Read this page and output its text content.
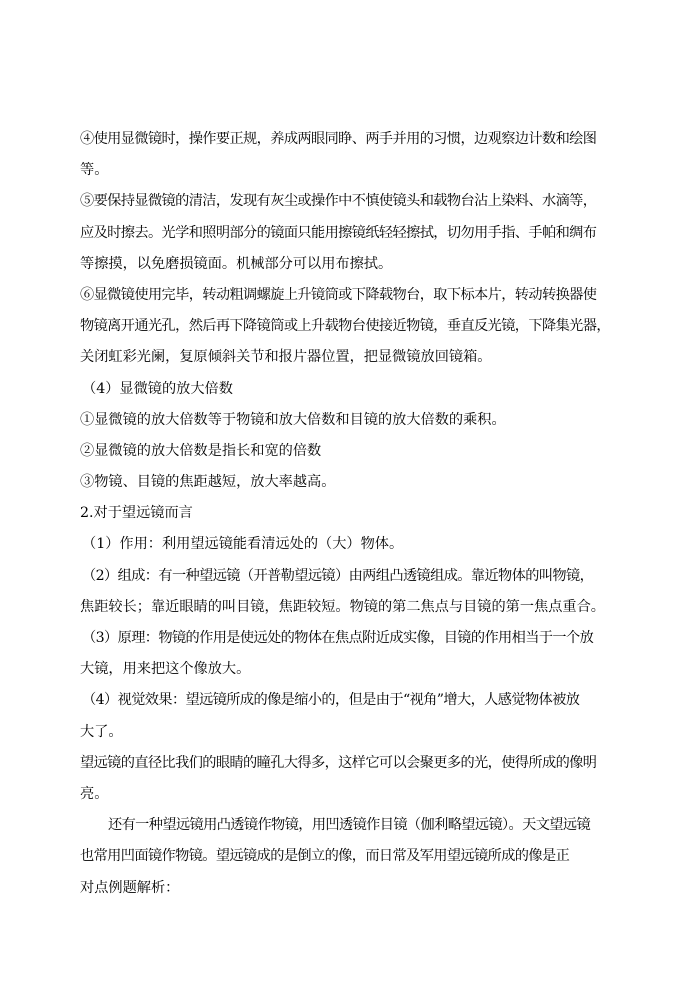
④使用显微镜时，操作要正规，养成两眼同睁、两手并用的习惯，边观察边计数和绘图
等。
⑤要保持显微镜的清洁，发现有灰尘或操作中不慎使镜头和载物台沾上染料、水滴等，
应及时擦去。光学和照明部分的镜面只能用擦镜纸轻轻擦拭，切勿用手指、手帕和绸布
等擦摸，以免磨损镜面。机械部分可以用布擦拭。
⑥显微镜使用完毕，转动粗调螺旋上升镜筒或下降载物台，取下标本片，转动转换器使
物镜离开通光孔，然后再下降镜筒或上升载物台使接近物镜，垂直反光镜，下降集光器，
关闭虹彩光阑，复原倾斜关节和报片器位置，把显微镜放回镜箱。
（4）显微镜的放大倍数
①显微镜的放大倍数等于物镜和放大倍数和目镜的放大倍数的乘积。
②显微镜的放大倍数是指长和宽的倍数
③物镜、目镜的焦距越短，放大率越高。
2.对于望远镜而言
（1）作用：利用望远镜能看清远处的（大）物体。
（2）组成：有一种望远镜（开普勒望远镜）由两组凸透镜组成。靠近物体的叫物镜，
焦距较长；靠近眼睛的叫目镜，焦距较短。物镜的第二焦点与目镜的第一焦点重合。
（3）原理：物镜的作用是使远处的物体在焦点附近成实像，目镜的作用相当于一个放
大镜，用来把这个像放大。
（4）视觉效果：望远镜所成的像是缩小的，但是由于“视角”增大，人感觉物体被放
大了。
望远镜的直径比我们的眼睛的瞳孔大得多，这样它可以会聚更多的光，使得所成的像明
亮。
还有一种望远镜用凸透镜作物镜，用凹透镜作目镜（伽利略望远镜）。天文望远镜
也常用凹面镜作物镜。望远镜成的是倒立的像，而日常及军用望远镜所成的像是正
对点例题解析：
